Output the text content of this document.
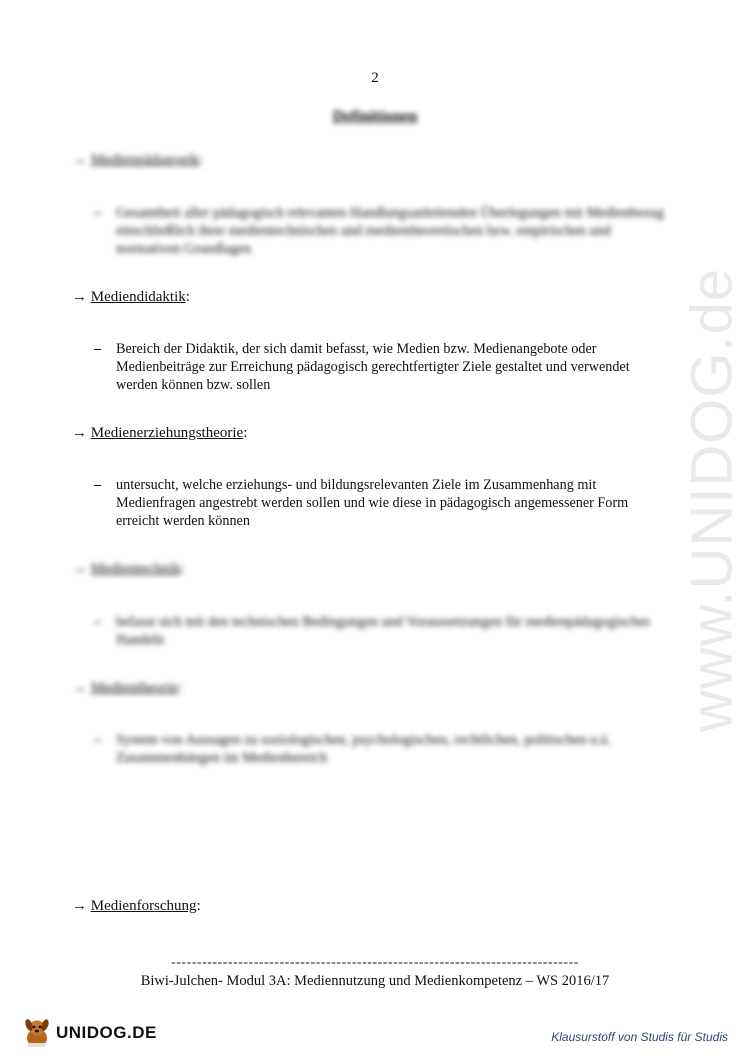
2
Definitionen
→ Medienpädagogik:
– Gesamtheit aller pädagogisch relevanten Handlungsanleitenden Überlegungen mit Medienbezug einschließlich ihrer medientechnischen und medientheoretischen bzw. empirischen und normativen Grundlagen
→ Mediendidaktik:
– Bereich der Didaktik, der sich damit befasst, wie Medien bzw. Medienangebote oder Medienbeiträge zur Erreichung pädagogisch gerechtfertigter Ziele gestaltet und verwendet werden können bzw. sollen
→ Medienerziehungstheorie:
– untersucht, welche erziehungs- und bildungsrelevanten Ziele im Zusammenhang mit Medienfragen angestrebt werden sollen und wie diese in pädagogisch angemessener Form erreicht werden können
→ Medientechnik:
– befasst sich mit den technischen Bedingungen und Voraussetzungen für medienpädagogisches Handeln
→ Medientheorie:
– System von Aussagen zu soziologischen, psychologischen, rechtlichen, politischen u.ä. Zusammenhängen im Medienbereich
→ Medienforschung:
www.UNIDOG.de
-------------------------------------------------------------------------------
Biwi-Julchen- Modul 3A: Mediennutzung und Medienkompetenz – WS 2016/17
UNIDOG.DE	Klausurstoff von Studis für Studis
